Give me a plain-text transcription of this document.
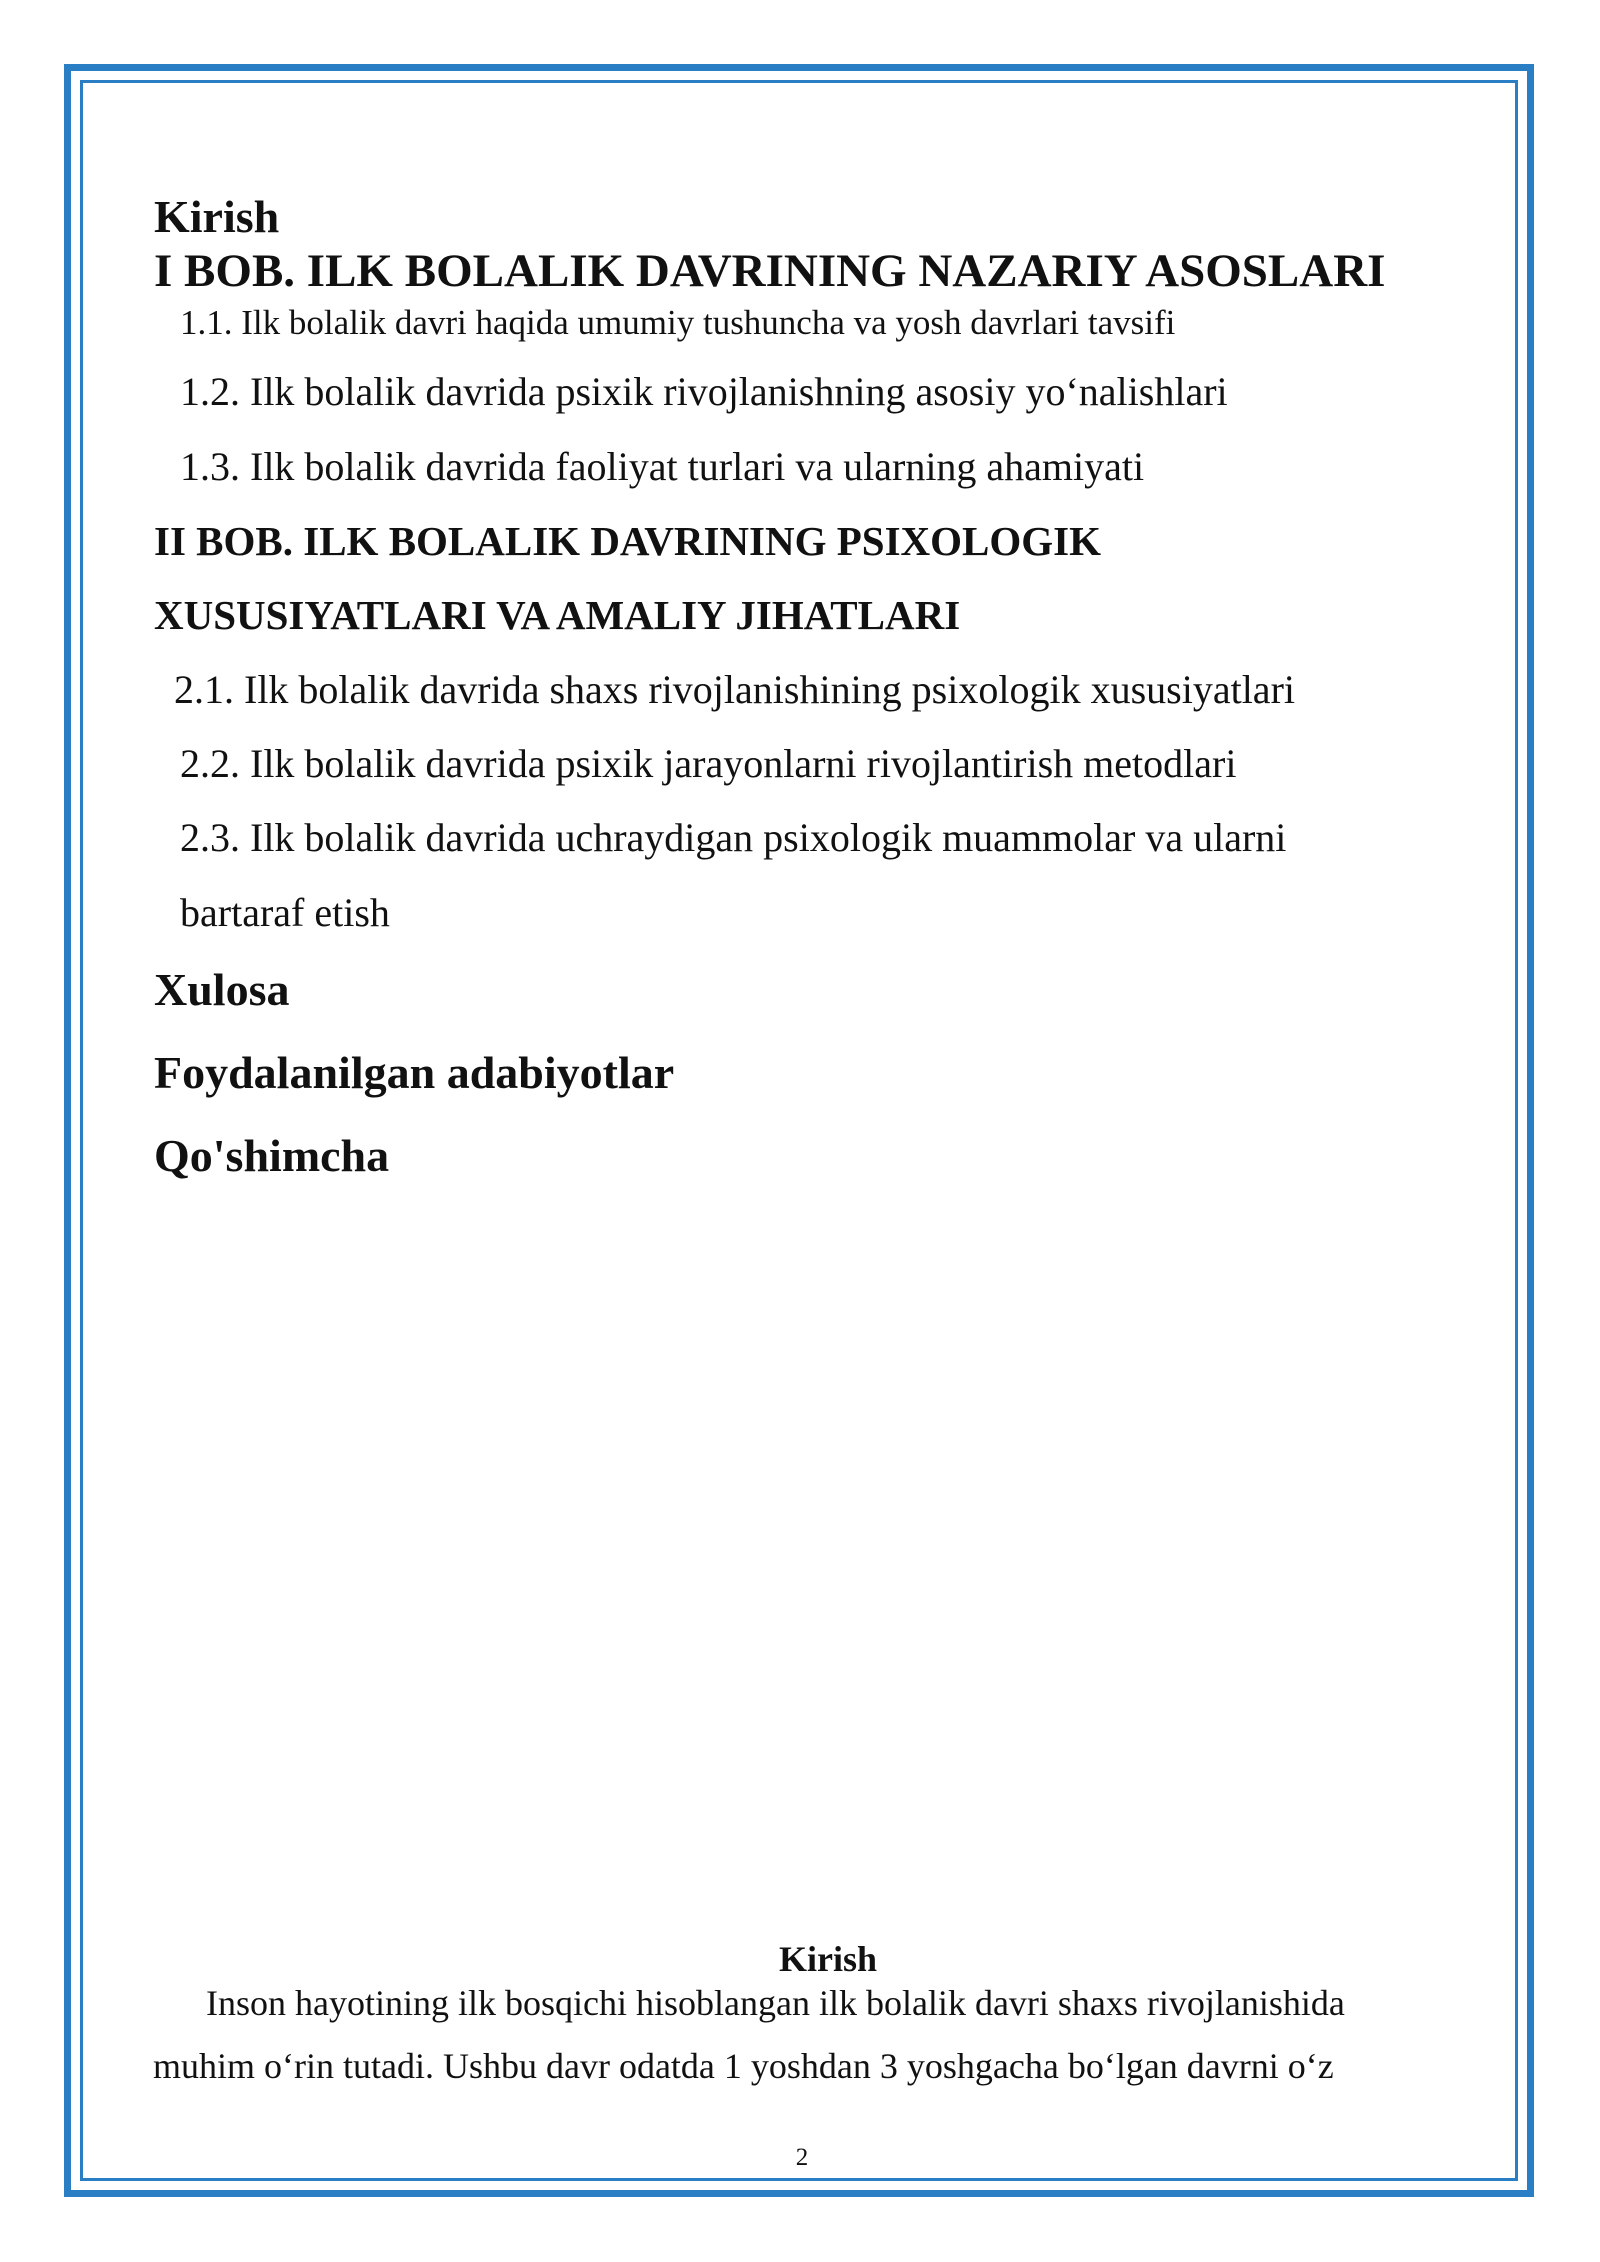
Kirish
I BOB. ILK BOLALIK DAVRINING NAZARIY ASOSLARI
1.1. Ilk bolalik davri haqida umumiy tushuncha va yosh davrlari tavsifi
1.2. Ilk bolalik davrida psixik rivojlanishning asosiy yo‘nalishlari
1.3. Ilk bolalik davrida faoliyat turlari va ularning ahamiyati
II BOB. ILK BOLALIK DAVRINING PSIXOLOGIK
XUSUSIYATLARI VA AMALIY JIHATLARI
2.1. Ilk bolalik davrida shaxs rivojlanishining psixologik xususiyatlari
2.2. Ilk bolalik davrida psixik jarayonlarni rivojlantirish metodlari
2.3. Ilk bolalik davrida uchraydigan psixologik muammolar va ularni
bartaraf etish
Xulosa
Foydalanilgan adabiyotlar
Qo'shimcha
Kirish
Inson hayotining ilk bosqichi hisoblangan ilk bolalik davri shaxs rivojlanishida
muhim o‘rin tutadi. Ushbu davr odatda 1 yoshdan 3 yoshgacha bo‘lgan davrni o‘z
2
